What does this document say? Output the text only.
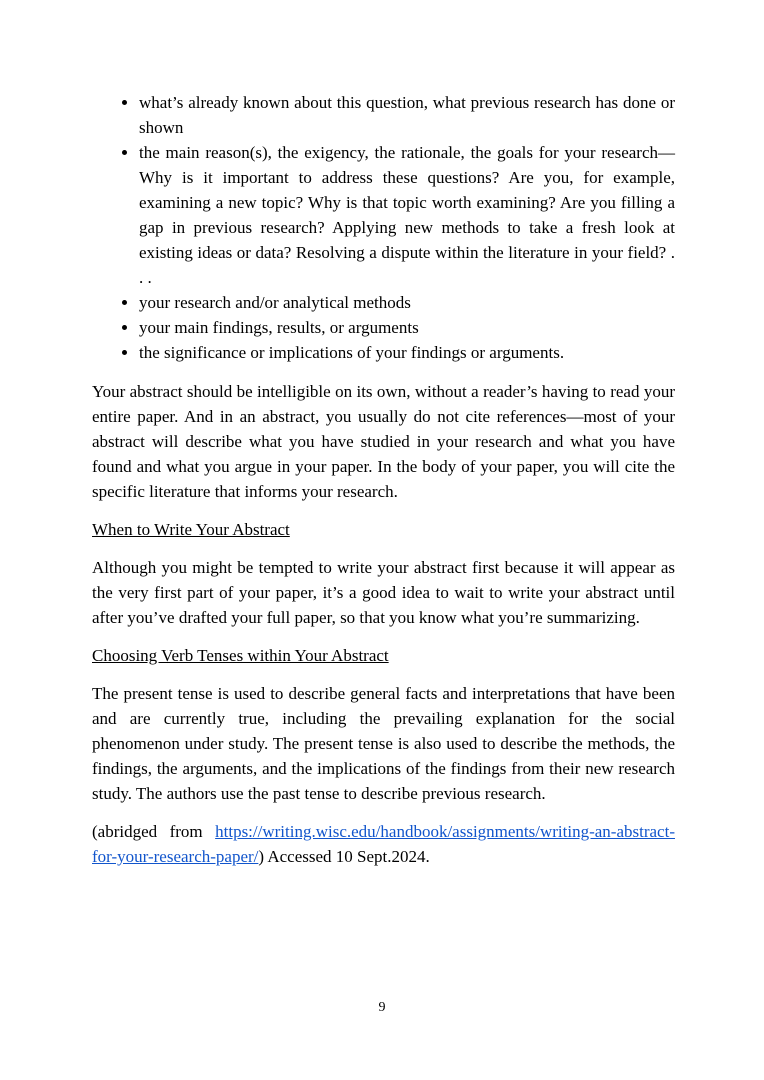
• what’s already known about this question, what previous research has done or shown
• the main reason(s), the exigency, the rationale, the goals for your research—Why is it important to address these questions? Are you, for example, examining a new topic? Why is that topic worth examining? Are you filling a gap in previous research? Applying new methods to take a fresh look at existing ideas or data? Resolving a dispute within the literature in your field? . . .
• your research and/or analytical methods
• your main findings, results, or arguments
• the significance or implications of your findings or arguments.

Your abstract should be intelligible on its own, without a reader’s having to read your entire paper. And in an abstract, you usually do not cite references—most of your abstract will describe what you have studied in your research and what you have found and what you argue in your paper. In the body of your paper, you will cite the specific literature that informs your research.

When to Write Your Abstract

Although you might be tempted to write your abstract first because it will appear as the very first part of your paper, it’s a good idea to wait to write your abstract until after you’ve drafted your full paper, so that you know what you’re summarizing.

Choosing Verb Tenses within Your Abstract

The present tense is used to describe general facts and interpretations that have been and are currently true, including the prevailing explanation for the social phenomenon under study. The present tense is also used to describe the methods, the findings, the arguments, and the implications of the findings from their new research study. The authors use the past tense to describe previous research.

(abridged from https://writing.wisc.edu/handbook/assignments/writing-an-abstract-for-your-research-paper/) Accessed 10 Sept.2024.

9
